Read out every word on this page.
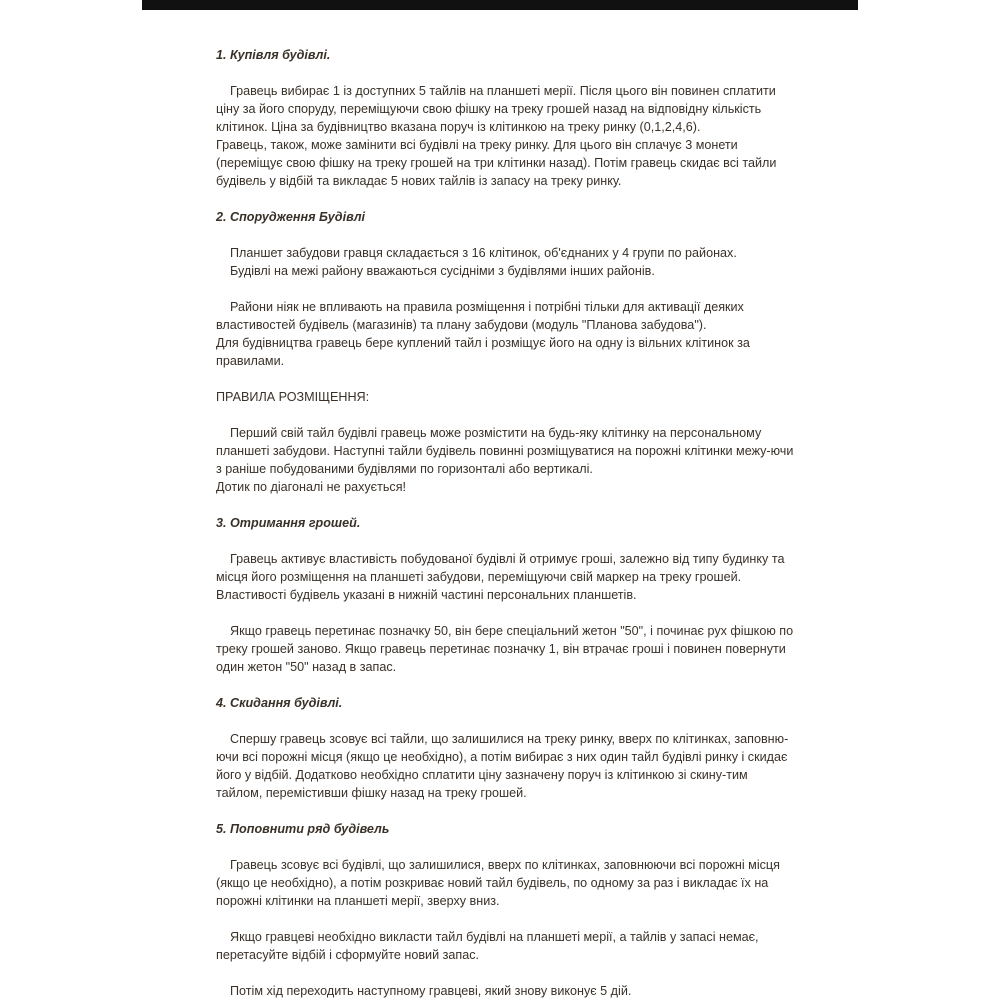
1. Купівля будівлі.

Гравець вибирає 1 із доступних 5 тайлів на планшеті мерії. Після цього він повинен сплатити ціну за його споруду, переміщуючи свою фішку на треку грошей назад на відповідну кількість клітинок. Ціна за будівництво вказана поруч із клітинкою на треку ринку (0,1,2,4,6).

Гравець, також, може замінити всі будівлі на треку ринку. Для цього він сплачує 3 монети (переміщує свою фішку на треку грошей на три клітинки назад). Потім гравець скидає всі тайли будівель у відбій та викладає 5 нових тайлів із запасу на треку ринку.

2. Спорудження Будівлі

Планшет забудови гравця складається з 16 клітинок, об'єднаних у 4 групи по районах.

Будівлі на межі району вважаються сусідніми з будівлями інших районів.

Райони ніяк не впливають на правила розміщення і потрібні тільки для активації деяких властивостей будівель (магазинів) та плану забудови (модуль "Планова забудова").

Для будівництва гравець бере куплений тайл і розміщує його на одну із вільних клітинок за правилами.

ПРАВИЛА РОЗМІЩЕННЯ:

Перший свій тайл будівлі гравець може розмістити на будь-яку клітинку на персональному планшеті забудови. Наступні тайли будівель повинні розміщуватися на порожні клітинки межу-ючи з раніше побудованими будівлями по горизонталі або вертикалі.

Дотик по діагоналі не рахується!

3. Отримання грошей.

Гравець активує властивість побудованої будівлі й отримує гроші, залежно від типу будинку та місця його розміщення на планшеті забудови, переміщуючи свій маркер на треку грошей.

Властивості будівель указані в нижній частині персональних планшетів.

Якщо гравець перетинає позначку 50, він бере спеціальний жетон "50", і починає рух фішкою по треку грошей заново. Якщо гравець перетинає позначку 1, він втрачає гроші і повинен повернути один жетон "50" назад в запас.

4. Скидання будівлі.

Спершу гравець зсовує всі тайли, що залишилися на треку ринку, вверх по клітинках, заповню-ючи всі порожні місця (якщо це необхідно), а потім вибирає з них один тайл будівлі ринку і скидає його у відбій. Додатково необхідно сплатити ціну зазначену поруч із клітинкою зі скину-тим тайлом, перемістивши фішку назад на треку грошей.

5. Поповнити ряд будівель

Гравець зсовує всі будівлі, що залишилися, вверх по клітинках, заповнюючи всі порожні місця (якщо це необхідно), а потім розкриває новий тайл будівель, по одному за раз і викладає їх на порожні клітинки на планшеті мерії, зверху вниз.

Якщо гравцеві необхідно викласти тайл будівлі на планшеті мерії, а тайлів у запасі немає, перетасуйте відбій і сформуйте новий запас.

Потім хід переходить наступному гравцеві, який знову виконує 5 дій.
